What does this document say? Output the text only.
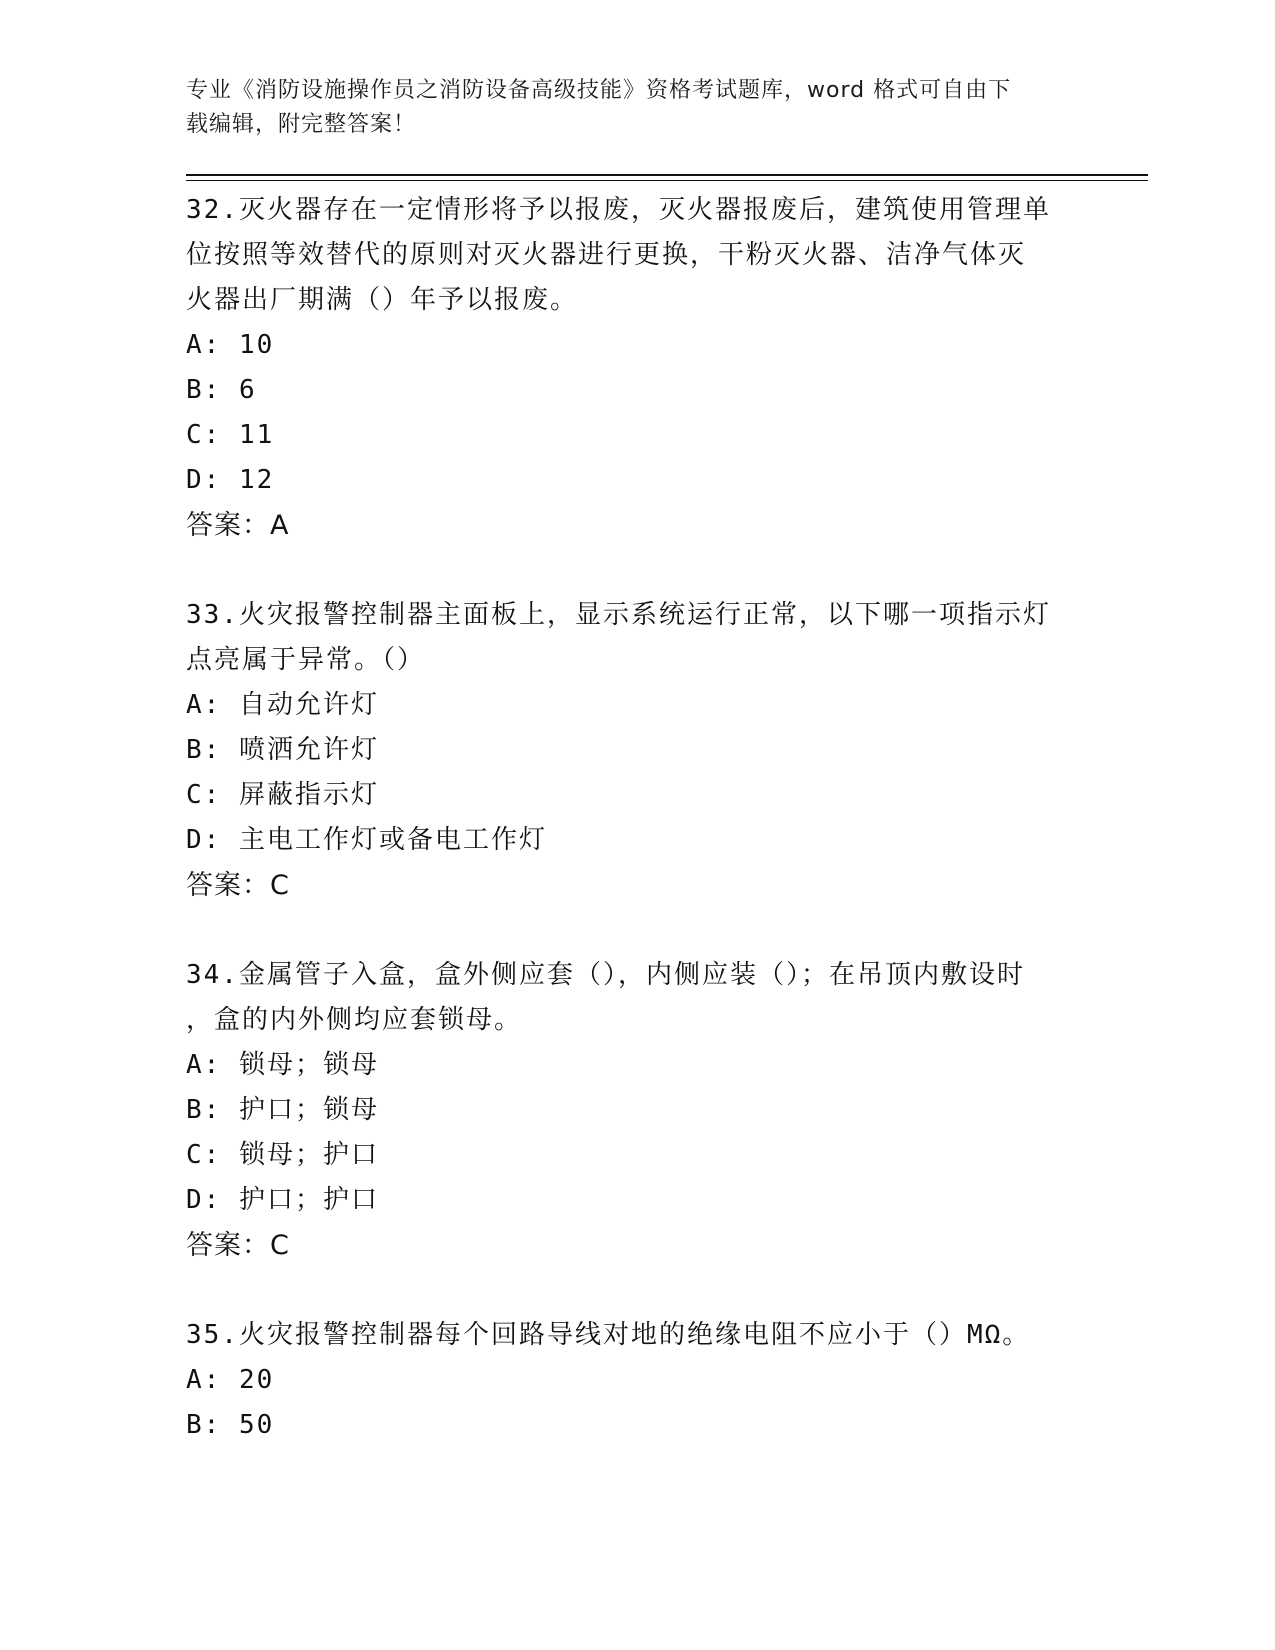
专业《消防设施操作员之消防设备高级技能》资格考试题库，word 格式可自由下
载编辑，附完整答案！

32.灭火器存在一定情形将予以报废，灭火器报废后，建筑使用管理单

位按照等效替代的原则对灭火器进行更换，干粉灭火器、洁净气体灭

火器出厂期满（）年予以报废。

A: 10

B: 6

C: 11

D: 12

答案：A

33.火灾报警控制器主面板上，显示系统运行正常，以下哪一项指示灯

点亮属于异常。（）

A: 自动允许灯

B: 喷洒允许灯

C: 屏蔽指示灯

D: 主电工作灯或备电工作灯

答案：C

34.金属管子入盒，盒外侧应套（），内侧应装（）；在吊顶内敷设时

，盒的内外侧均应套锁母。

A: 锁母；锁母

B: 护口；锁母

C: 锁母；护口

D: 护口；护口

答案：C

35.火灾报警控制器每个回路导线对地的绝缘电阻不应小于（）MΩ。

A: 20

B: 50
